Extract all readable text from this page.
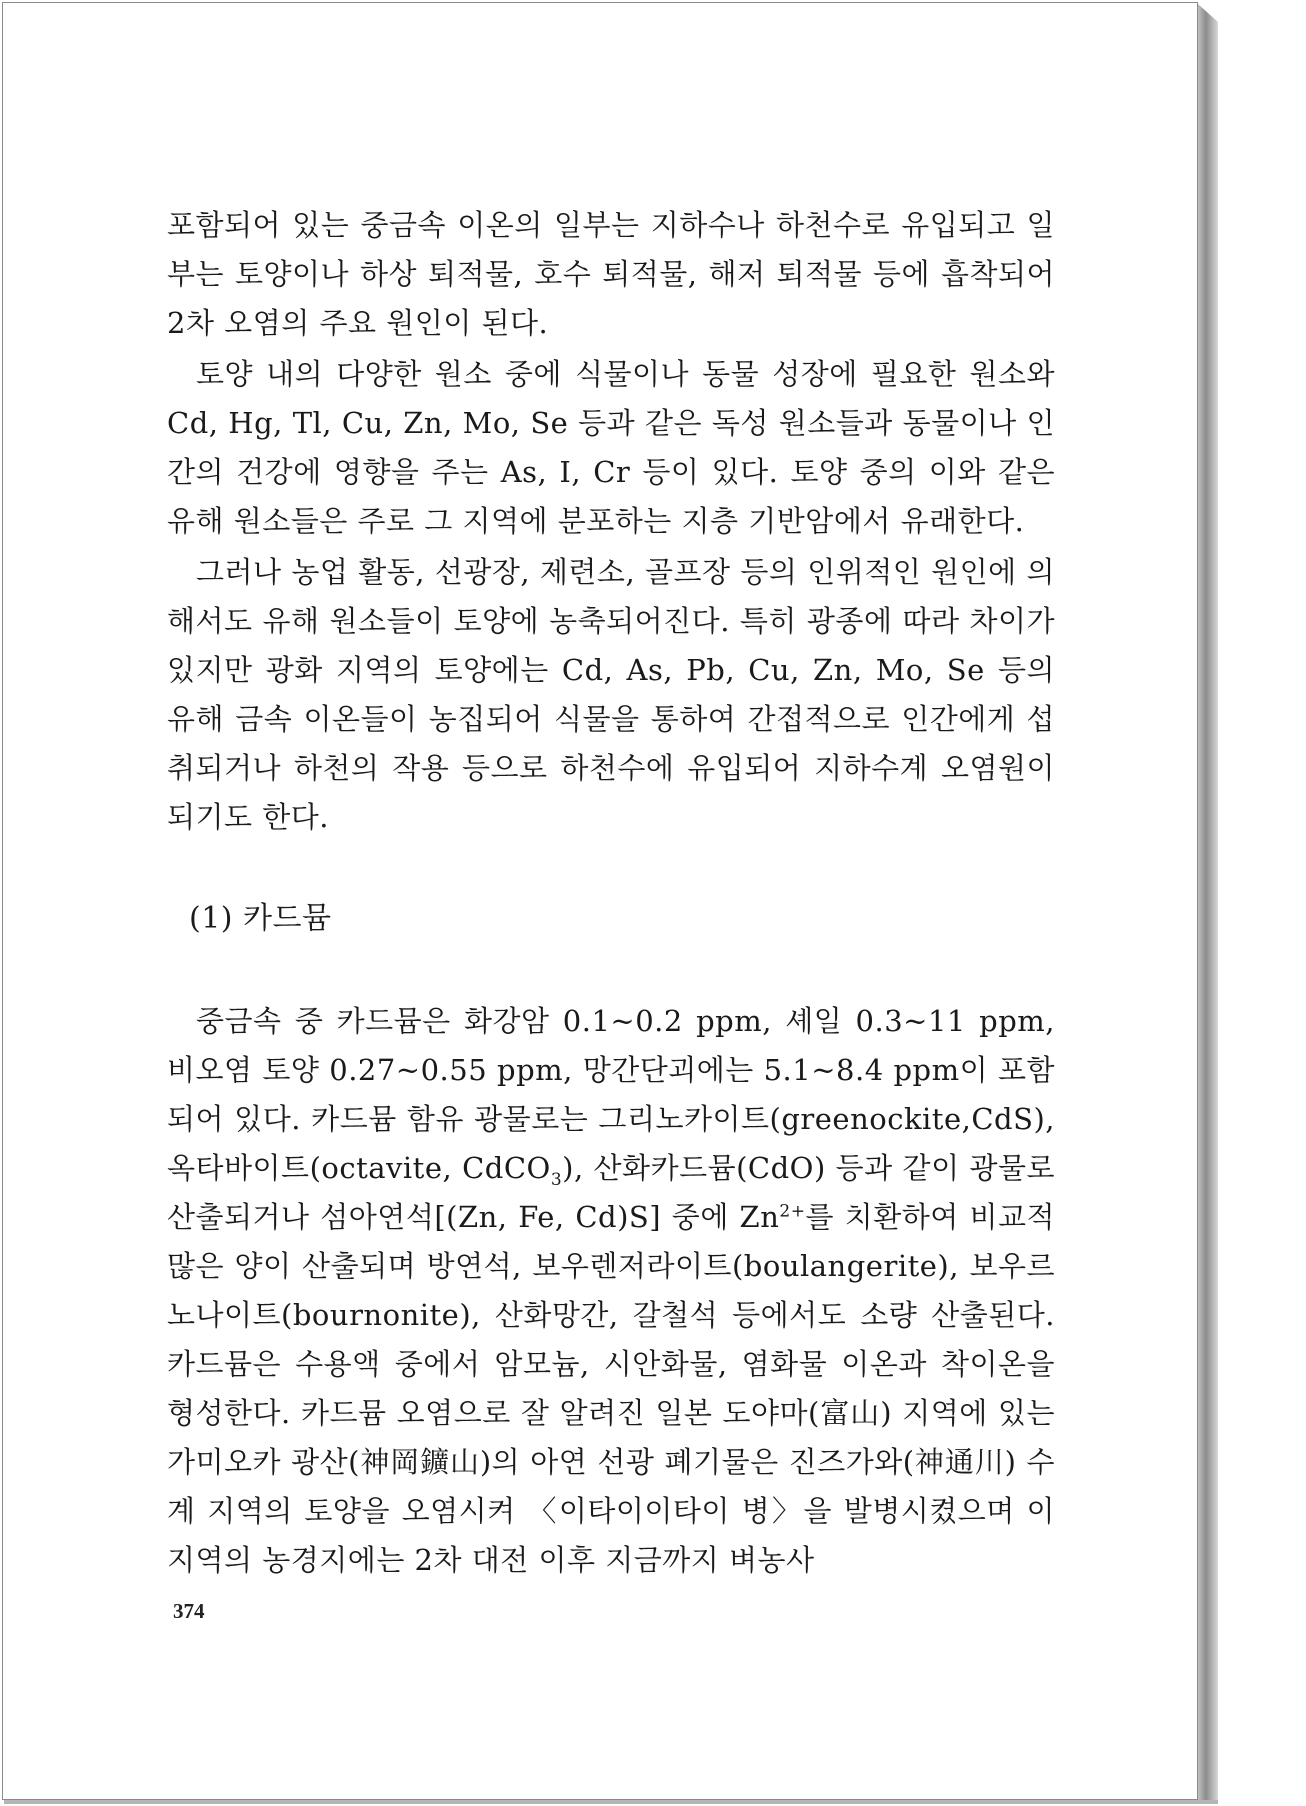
포함되어 있는 중금속 이온의 일부는 지하수나 하천수로 유입되고 일부는 토양이나 하상 퇴적물, 호수 퇴적물, 해저 퇴적물 등에 흡착되어 2차 오염의 주요 원인이 된다.

토양 내의 다양한 원소 중에 식물이나 동물 성장에 필요한 원소와 Cd, Hg, Tl, Cu, Zn, Mo, Se 등과 같은 독성 원소들과 동물이나 인간의 건강에 영향을 주는 As, I, Cr 등이 있다. 토양 중의 이와 같은 유해 원소들은 주로 그 지역에 분포하는 지층 기반암에서 유래한다.

그러나 농업 활동, 선광장, 제련소, 골프장 등의 인위적인 원인에 의해서도 유해 원소들이 토양에 농축되어진다. 특히 광종에 따라 차이가 있지만 광화 지역의 토양에는 Cd, As, Pb, Cu, Zn, Mo, Se 등의 유해 금속 이온들이 농집되어 식물을 통하여 간접적으로 인간에게 섭취되거나 하천의 작용 등으로 하천수에 유입되어 지하수계 오염원이 되기도 한다.

(1) 카드뮴

중금속 중 카드뮴은 화강암 0.1~0.2 ppm, 셰일 0.3~11 ppm, 비오염 토양 0.27~0.55 ppm, 망간단괴에는 5.1~8.4 ppm이 포함되어 있다. 카드뮴 함유 광물로는 그리노카이트(greenockite,CdS), 옥타바이트(octavite, CdCO$_3$), 산화카드뮴(CdO) 등과 같이 광물로 산출되거나 섬아연석[(Zn, Fe, Cd)S] 중에 $Zn^{2+}$를 치환하여 비교적 많은 양이 산출되며 방연석, 보우렌저라이트(boulangerite), 보우르노나이트(bournonite), 산화망간, 갈철석 등에서도 소량 산출된다. 카드뮴은 수용액 중에서 암모늄, 시안화물, 염화물 이온과 착이온을 형성한다. 카드뮴 오염으로 잘 알려진 일본 도야마(富山) 지역에 있는 가미오카 광산(神岡鑛山)의 아연 선광 폐기물은 진즈가와(神通川) 수계 지역의 토양을 오염시켜 〈이타이이타이 병〉을 발병시켰으며 이 지역의 농경지에는 2차 대전 이후 지금까지 벼농사

374
